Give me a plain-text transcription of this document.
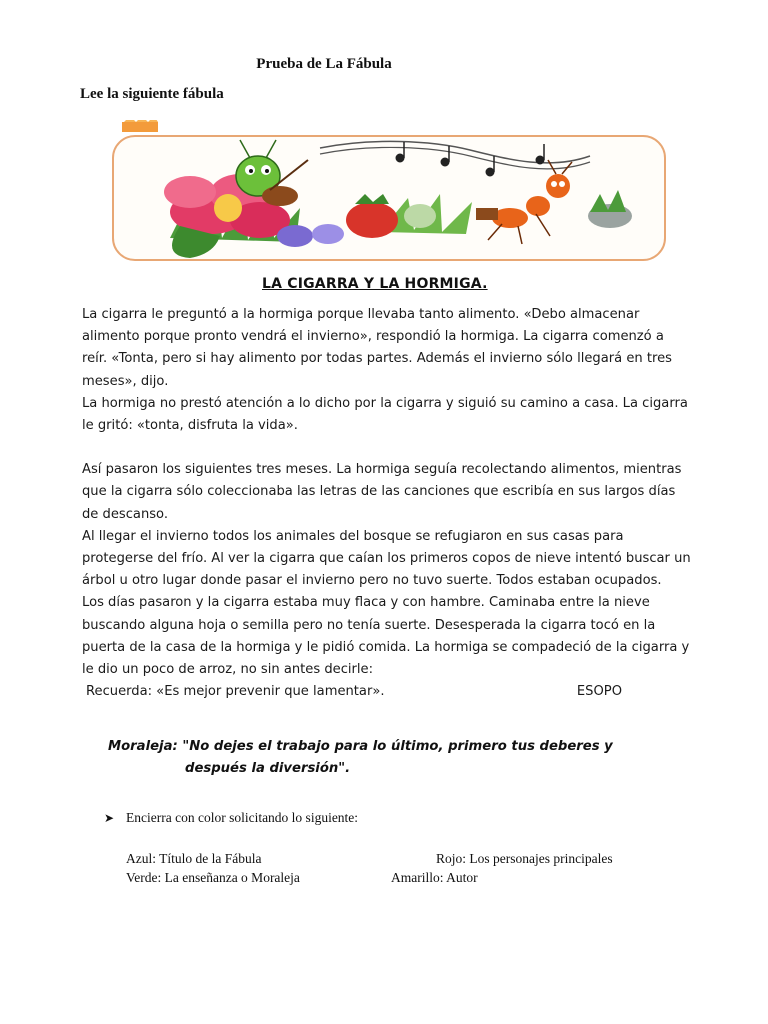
Prueba de La Fábula
Lee la siguiente fábula
LA CIGARRA Y LA HORMIGA.

La cigarra le preguntó a la hormiga porque llevaba tanto alimento. «Debo almacenar alimento porque pronto vendrá el invierno», respondió la hormiga. La cigarra comenzó a reír. «Tonta, pero si hay alimento por todas partes. Además el invierno sólo llegará en tres meses», dijo.

La hormiga no prestó atención a lo dicho por la cigarra y siguió su camino a casa. La cigarra le gritó: «tonta, disfruta la vida».

Así pasaron los siguientes tres meses. La hormiga seguía recolectando alimentos, mientras que la cigarra sólo coleccionaba las letras de las canciones que escribía en sus largos días de descanso.

Al llegar el invierno todos los animales del bosque se refugiaron en sus casas para protegerse del frío. Al ver la cigarra que caían los primeros copos de nieve intentó buscar un árbol u otro lugar donde pasar el invierno pero no tuvo suerte. Todos estaban ocupados.

Los días pasaron y la cigarra estaba muy flaca y con hambre. Caminaba entre la nieve buscando alguna hoja o semilla pero no tenía suerte. Desesperada la cigarra tocó en la puerta de la casa de la hormiga y le pidió comida. La hormiga se compadeció de la cigarra y le dio un poco de arroz, no sin antes decirle:

Recuerda: «Es mejor prevenir que lamentar».	ESOPO
Moraleja: "No dejes el trabajo para lo último, primero tus deberes y
después la diversión".
➤ Encierra con color solicitando lo siguiente:
Azul: Título de la Fábula	Rojo: Los personajes principales
Verde: La enseñanza o Moraleja	Amarillo: Autor
